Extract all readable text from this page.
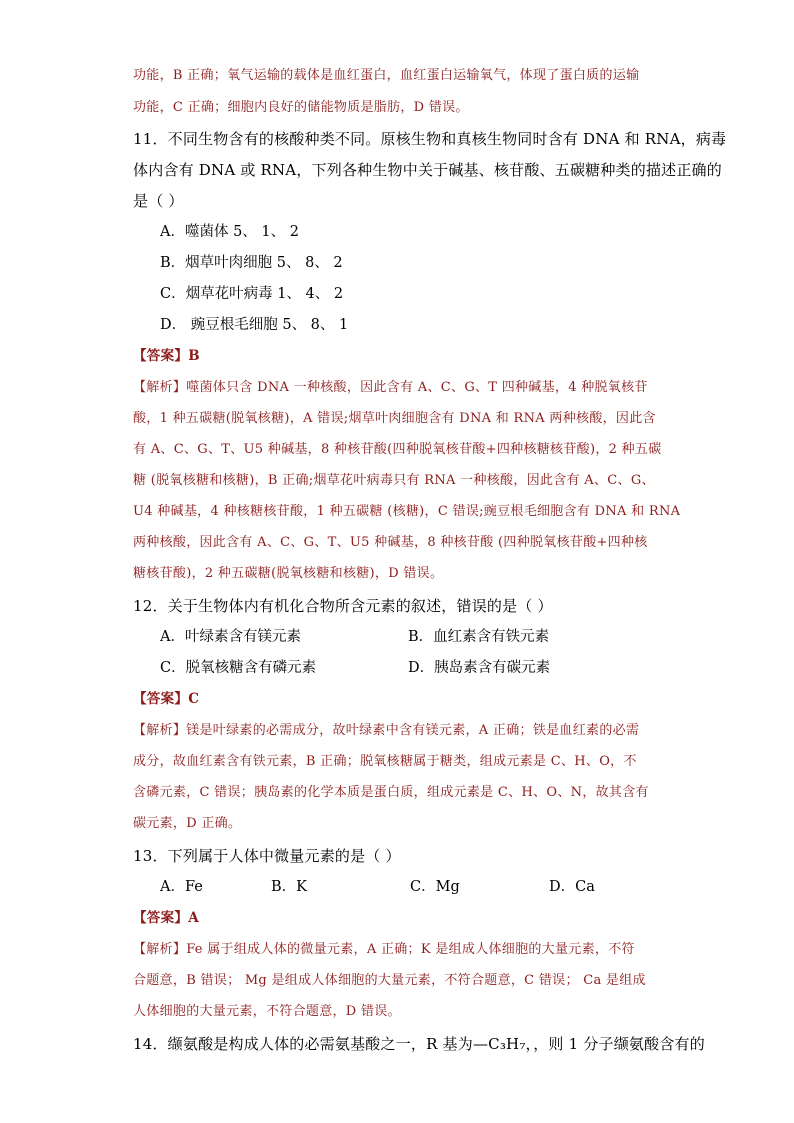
功能，B 正确；氧气运输的载体是血红蛋白，血红蛋白运输氧气，体现了蛋白质的运输
功能，C 正确；细胞内良好的储能物质是脂肪，D 错误。
11．不同生物含有的核酸种类不同。原核生物和真核生物同时含有 DNA 和 RNA，病毒
体内含有 DNA 或 RNA，下列各种生物中关于碱基、核苷酸、五碳糖种类的描述正确的
是（ ）
A．噬菌体 5、 1、 2
B．烟草叶肉细胞 5、 8、 2
C．烟草花叶病毒 1、 4、 2
D． 豌豆根毛细胞 5、 8、 1
【答案】B
【解析】噬菌体只含 DNA 一种核酸，因此含有 A、C、G、T 四种碱基，4 种脱氧核苷
酸，1 种五碳糖(脱氧核糖)，A 错误;烟草叶肉细胞含有 DNA 和 RNA 两种核酸，因此含
有 A、C、G、T、U5 种碱基，8 种核苷酸(四种脱氧核苷酸+四种核糖核苷酸)，2 种五碳
糖 (脱氧核糖和核糖)，B 正确;烟草花叶病毒只有 RNA 一种核酸，因此含有 A、C、G、
U4 种碱基，4 种核糖核苷酸，1 种五碳糖 (核糖)，C 错误;豌豆根毛细胞含有 DNA 和 RNA
两种核酸，因此含有 A、C、G、T、U5 种碱基，8 种核苷酸 (四种脱氧核苷酸+四种核
糖核苷酸)，2 种五碳糖(脱氧核糖和核糖)，D 错误。
12．关于生物体内有机化合物所含元素的叙述，错误的是（ ）
A．叶绿素含有镁元素	B．血红素含有铁元素
C．脱氧核糖含有磷元素	D．胰岛素含有碳元素
【答案】C
【解析】镁是叶绿素的必需成分，故叶绿素中含有镁元素，A 正确；铁是血红素的必需
成分，故血红素含有铁元素，B 正确；脱氧核糖属于糖类，组成元素是 C、H、O，不
含磷元素，C 错误；胰岛素的化学本质是蛋白质，组成元素是 C、H、O、N，故其含有
碳元素，D 正确。
13．下列属于人体中微量元素的是（ ）
A．Fe	B．K	C．Mg	D．Ca
【答案】A
【解析】Fe 属于组成人体的微量元素，A 正确；K 是组成人体细胞的大量元素，不符
合题意，B 错误； Mg 是组成人体细胞的大量元素，不符合题意，C 错误； Ca 是组成
人体细胞的大量元素，不符合题意，D 错误。
14．缬氨酸是构成人体的必需氨基酸之一，R 基为—C₃H₇，，则 1 分子缬氨酸含有的
